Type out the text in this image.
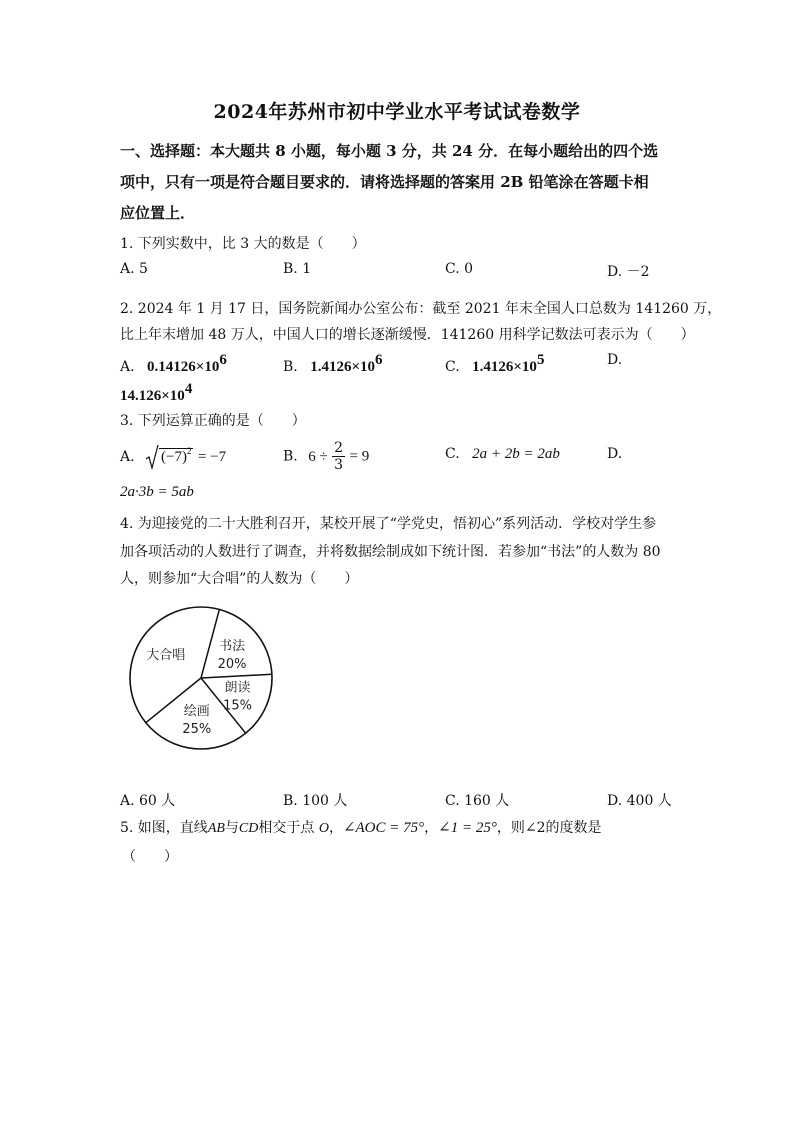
2024年苏州市初中学业水平考试试卷数学
一、选择题：本大题共 8 小题，每小题 3 分，共 24 分．在每小题给出的四个选
项中，只有一项是符合题目要求的．请将选择题的答案用 2B 铅笔涂在答题卡相
应位置上．
1. 下列实数中，比 3 大的数是（　　）
A. 5	B. 1	C. 0	D. －2
2. 2024 年 1 月 17 日，国务院新闻办公室公布：截至 2021 年末全国人口总数为 141260 万，
比上年末增加 48 万人，中国人口的增长逐渐缓慢．141260 用科学记数法可表示为（　　）
A. $0.14126\times 10^6$	B. $1.4126\times 10^6$	C. $1.4126\times 10^5$	D.
$14.126\times 10^4$
3. 下列运算正确的是（　　）
A. $(-7)^2 = -7$	B. $6 \div \frac{2}{3} = 9$	C. 2a + 2b = 2ab	D.
2a·3b = 5ab
4. 为迎接党的二十大胜利召开，某校开展了“学党史，悟初心”系列活动．学校对学生参
加各项活动的人数进行了调查，并将数据绘制成如下统计图．若参加“书法”的人数为 80
人，则参加“大合唱”的人数为（　　）
书法
20%
朗读
15%
绘画
25%
大合唱
A. 60 人	B. 100 人	C. 160 人	D. 400 人
5. 如图，直线AB与CD相交于点 O，∠AOC = 75°，∠1 = 25°，则∠2的度数是
（　　）
